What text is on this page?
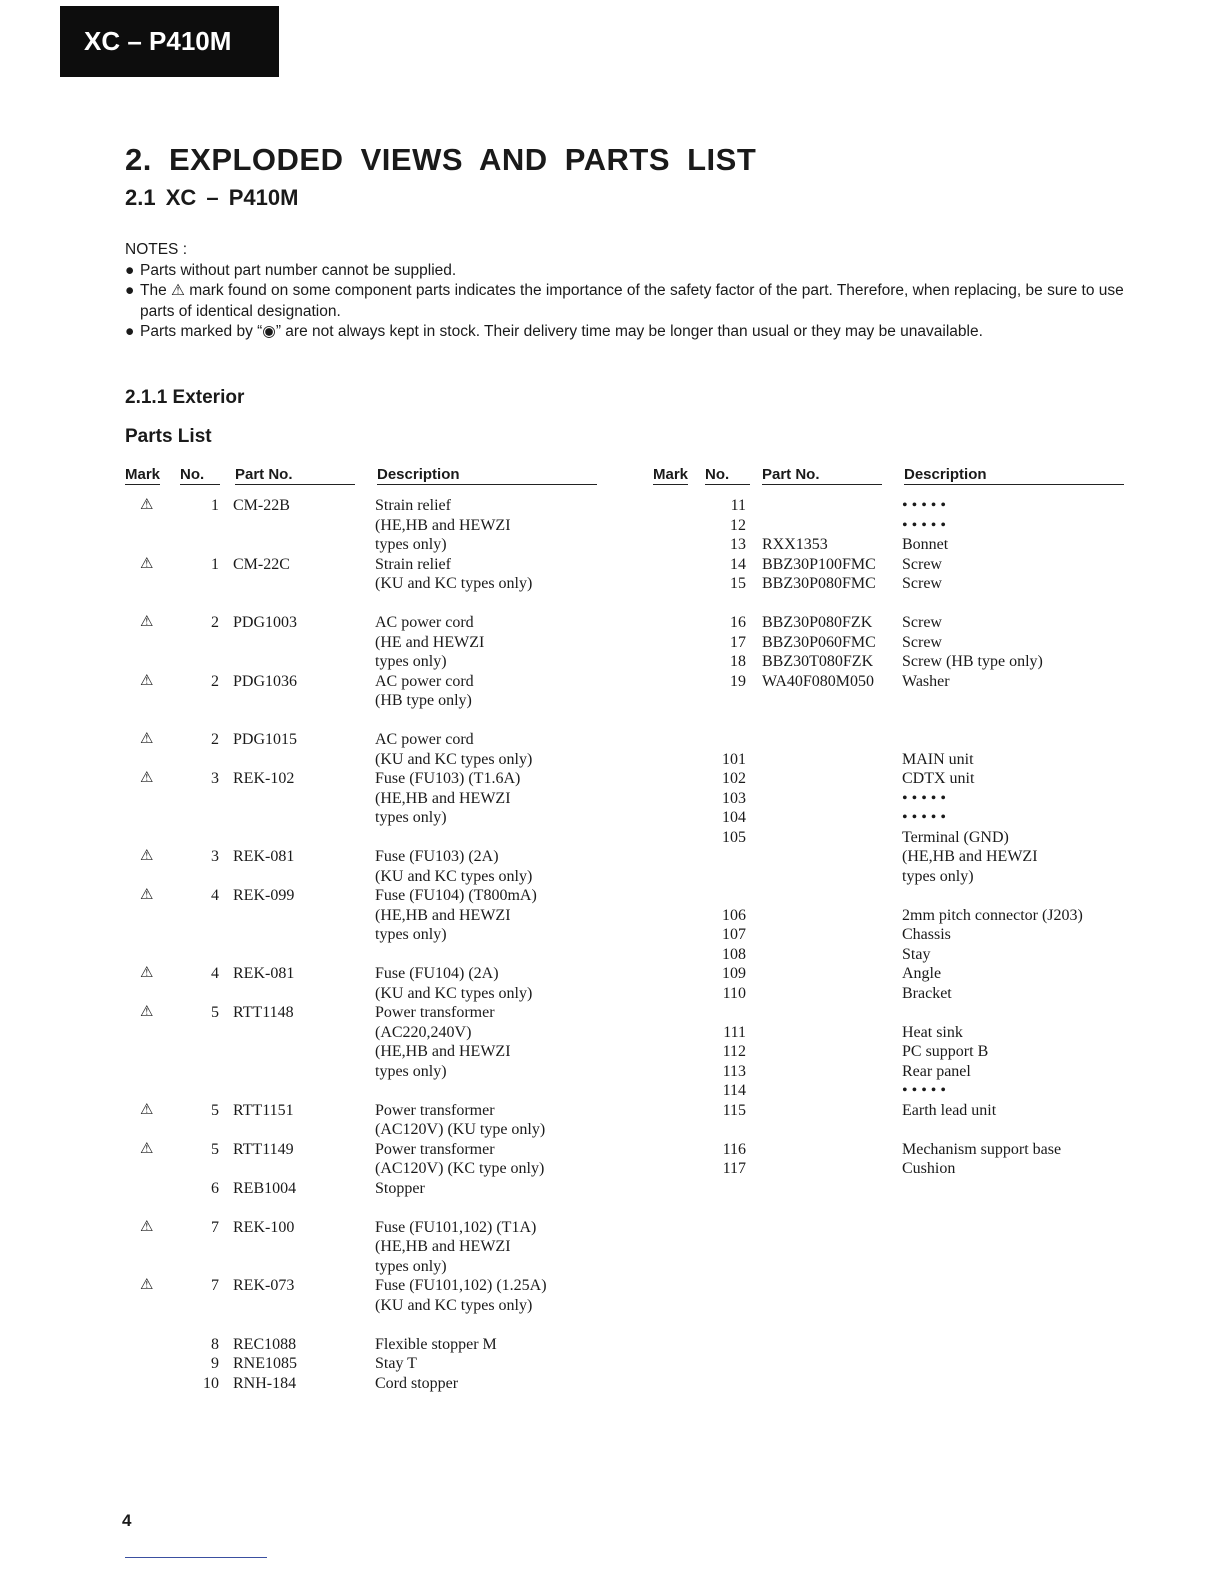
XC – P410M
2. EXPLODED VIEWS AND PARTS LIST
2.1 XC – P410M
NOTES :
● Parts without part number cannot be supplied.
● The ⚠ mark found on some component parts indicates the importance of the safety factor of the part. Therefore, when replacing, be sure to use parts of identical designation.
● Parts marked by “◉” are not always kept in stock. Their delivery time may be longer than usual or they may be unavailable.
2.1.1 Exterior
Parts List
Mark No.	Part No.	Description	Mark No.	Part No.	Description
⚠	1 CM-22B	Strain relief
(HE,HB and HEWZI
types only)
⚠	1 CM-22C	Strain relief
(KU and KC types only)
⚠	2 PDG1003	AC power cord
(HE and HEWZI
types only)
⚠	2 PDG1036	AC power cord
(HB type only)
⚠	2 PDG1015	AC power cord
(KU and KC types only)
⚠	3 REK-102	Fuse (FU103) (T1.6A)
(HE,HB and HEWZI
types only)
⚠	3 REK-081	Fuse (FU103) (2A)
(KU and KC types only)
⚠	4 REK-099	Fuse (FU104) (T800mA)
(HE,HB and HEWZI
types only)
⚠	4 REK-081	Fuse (FU104) (2A)
(KU and KC types only)
⚠	5 RTT1148	Power transformer
(AC220,240V)
(HE,HB and HEWZI
types only)
⚠	5 RTT1151	Power transformer
(AC120V) (KU type only)
⚠	5 RTT1149	Power transformer
(AC120V) (KC type only)
6 REB1004	Stopper
⚠	7 REK-100	Fuse (FU101,102) (T1A)
(HE,HB and HEWZI
types only)
⚠	7 REK-073	Fuse (FU101,102) (1.25A)
(KU and KC types only)
8 REC1088	Flexible stopper M
9 RNE1085	Stay T
10 RNH-184	Cord stopper
11	• • • • •
12	• • • • •
13 RXX1353	Bonnet
14 BBZ30P100FMC Screw
15 BBZ30P080FMC Screw
16 BBZ30P080FZK Screw
17 BBZ30P060FMC Screw
18 BBZ30T080FZK Screw (HB type only)
19 WA40F080M050 Washer
101	MAIN unit
102	CDTX unit
103	• • • • •
104	• • • • •
105	Terminal (GND)
(HE,HB and HEWZI
types only)
106	2mm pitch connector (J203)
107	Chassis
108	Stay
109	Angle
110	Bracket
111	Heat sink
112	PC support B
113	Rear panel
114	• • • • •
115	Earth lead unit
116	Mechanism support base
117	Cushion
4
